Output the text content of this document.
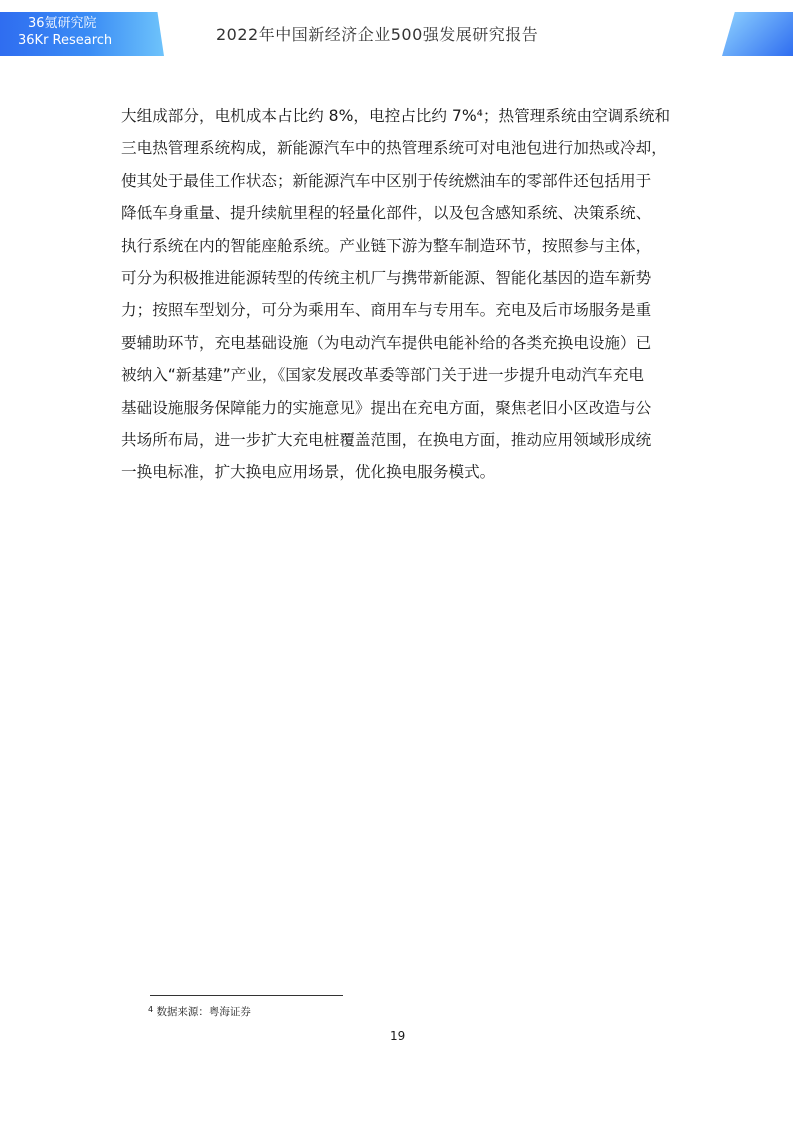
36氪研究院
36Kr Research	2022年中国新经济企业500强发展研究报告
大组成部分，电机成本占比约 8%，电控占比约 7%⁴；热管理系统由空调系统和
三电热管理系统构成，新能源汽车中的热管理系统可对电池包进行加热或冷却，
使其处于最佳工作状态；新能源汽车中区别于传统燃油车的零部件还包括用于
降低车身重量、提升续航里程的轻量化部件，以及包含感知系统、决策系统、
执行系统在内的智能座舱系统。产业链下游为整车制造环节，按照参与主体，
可分为积极推进能源转型的传统主机厂与携带新能源、智能化基因的造车新势
力；按照车型划分，可分为乘用车、商用车与专用车。充电及后市场服务是重
要辅助环节，充电基础设施（为电动汽车提供电能补给的各类充换电设施）已
被纳入“新基建”产业，《国家发展改革委等部门关于进一步提升电动汽车充电
基础设施服务保障能力的实施意见》提出在充电方面，聚焦老旧小区改造与公
共场所布局，进一步扩大充电桩覆盖范围，在换电方面，推动应用领域形成统
一换电标准，扩大换电应用场景，优化换电服务模式。
$^4$ 数据来源：粤海证券
19
